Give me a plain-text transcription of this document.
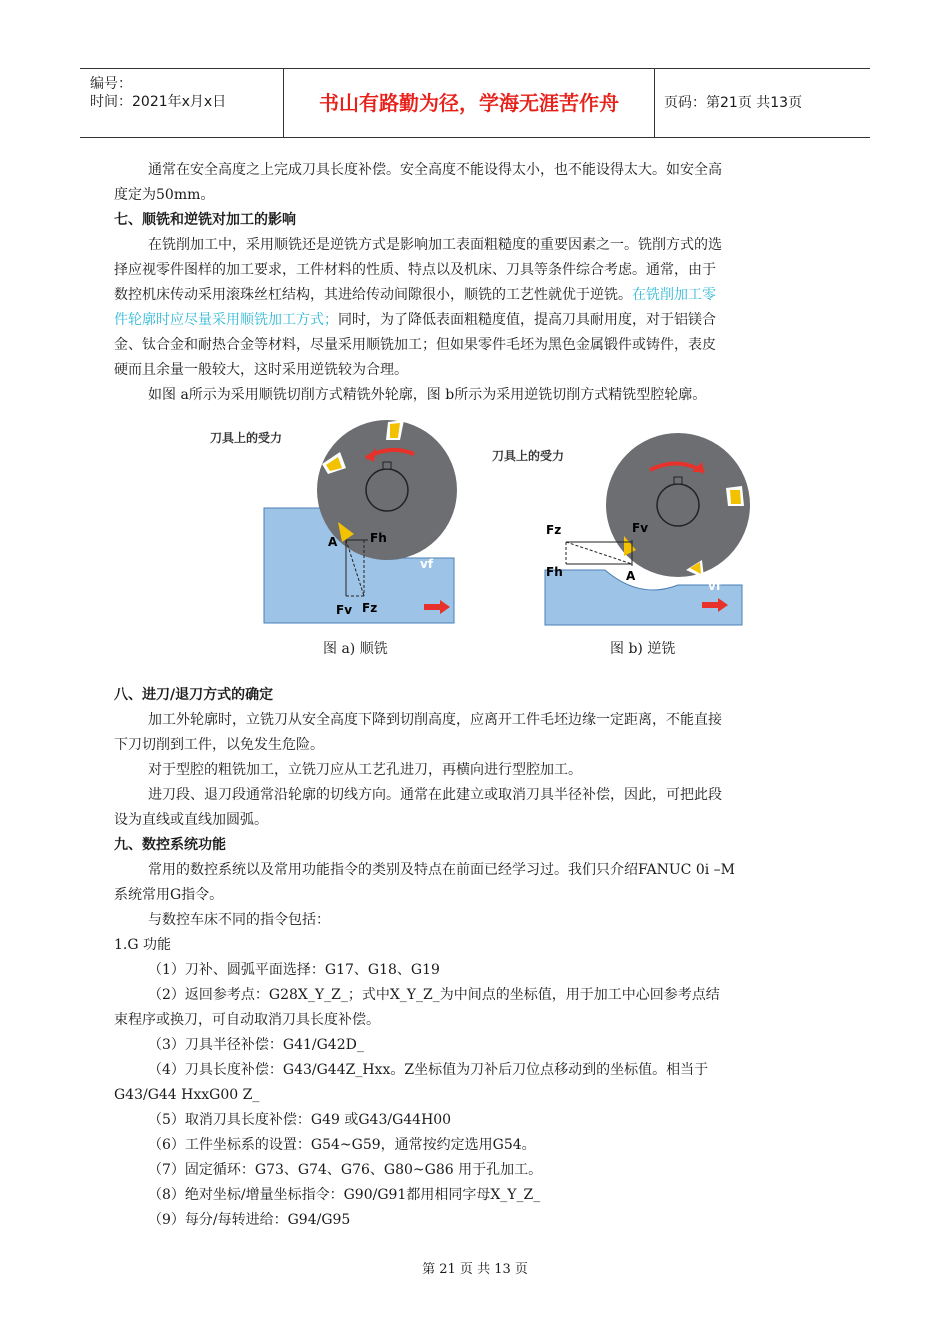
编号：
时间：2021年x月x日	书山有路勤为径，学海无涯苦作舟	页码：第21页 共13页
通常在安全高度之上完成刀具长度补偿。安全高度不能设得太小，也不能设得太大。如安全高
度定为50mm。
七、顺铣和逆铣对加工的影响
在铣削加工中，采用顺铣还是逆铣方式是影响加工表面粗糙度的重要因素之一。铣削方式的选
择应视零件图样的加工要求，工件材料的性质、特点以及机床、刀具等条件综合考虑。通常，由于
数控机床传动采用滚珠丝杠结构，其进给传动间隙很小，顺铣的工艺性就优于逆铣。在铣削加工零
件轮廓时应尽量采用顺铣加工方式；同时，为了降低表面粗糙度值，提高刀具耐用度，对于铝镁合
金、钛合金和耐热合金等材料，尽量采用顺铣加工；但如果零件毛坯为黑色金属锻件或铸件，表皮
硬而且余量一般较大，这时采用逆铣较为合理。
如图 a所示为采用顺铣切削方式精铣外轮廓，图 b所示为采用逆铣切削方式精铣型腔轮廓。
八、进刀/退刀方式的确定
加工外轮廓时，立铣刀从安全高度下降到切削高度，应离开工件毛坯边缘一定距离，不能直接
下刀切削到工件，以免发生危险。
对于型腔的粗铣加工，立铣刀应从工艺孔进刀，再横向进行型腔加工。
进刀段、退刀段通常沿轮廓的切线方向。通常在此建立或取消刀具半径补偿，因此，可把此段
设为直线或直线加圆弧。
九、数控系统功能
常用的数控系统以及常用功能指令的类别及特点在前面已经学习过。我们只介绍FANUC 0i –M
系统常用G指令。
与数控车床不同的指令包括：
1.G 功能
（1）刀补、圆弧平面选择：G17、G18、G19
（2）返回参考点：G28X_Y_Z_；式中X_Y_Z_为中间点的坐标值，用于加工中心回参考点结
束程序或换刀，可自动取消刀具长度补偿。
（3）刀具半径补偿：G41/G42D_
（4）刀具长度补偿：G43/G44Z_Hxx。Z坐标值为刀补后刀位点移动到的坐标值。相当于
G43/G44 HxxG00 Z_
（5）取消刀具长度补偿：G49 或G43/G44H00
（6）工件坐标系的设置：G54~G59，通常按约定选用G54。
（7）固定循环：G73、G74、G76、G80~G86 用于孔加工。
（8）绝对坐标/增量坐标指令：G90/G91都用相同字母X_Y_Z_
（9）每分/每转进给：G94/G95
刀具上的受力
A	Fh
Fv Fz
vf
刀具上的受力
A
Fz
Fh
Fv
vf
图 a) 顺铣	图 b) 逆铣
第 21 页 共 13 页
